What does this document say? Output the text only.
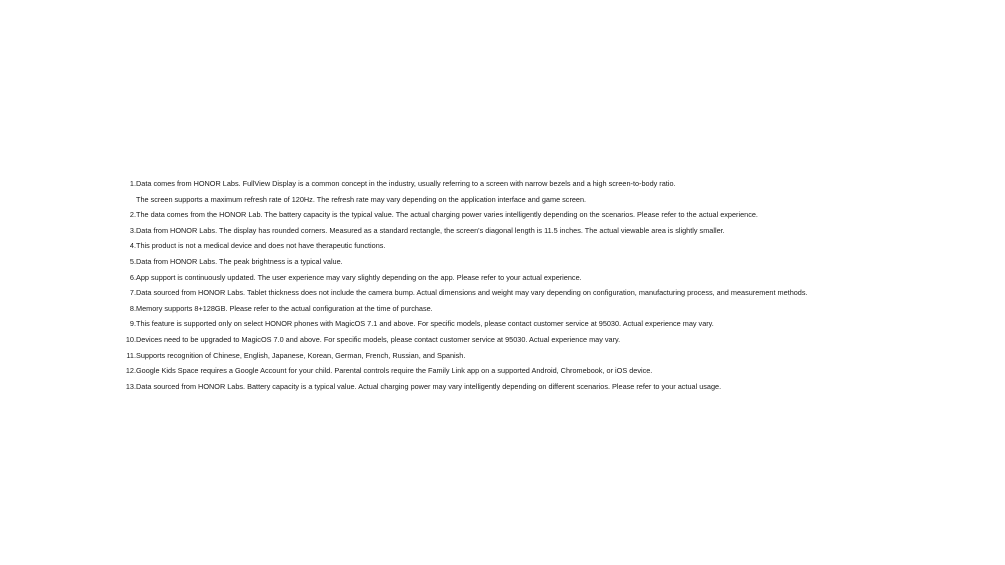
1. Data comes from HONOR Labs. FullView Display is a common concept in the industry, usually referring to a screen with narrow bezels and a high screen-to-body ratio.
The screen supports a maximum refresh rate of 120Hz. The refresh rate may vary depending on the application interface and game screen.
2. The data comes from the HONOR Lab. The battery capacity is the typical value. The actual charging power varies intelligently depending on the scenarios. Please refer to the actual experience.
3. Data from HONOR Labs. The display has rounded corners. Measured as a standard rectangle, the screen's diagonal length is 11.5 inches. The actual viewable area is slightly smaller.
4. This product is not a medical device and does not have therapeutic functions.
5. Data from HONOR Labs. The peak brightness is a typical value.
6. App support is continuously updated. The user experience may vary slightly depending on the app. Please refer to your actual experience.
7. Data sourced from HONOR Labs. Tablet thickness does not include the camera bump. Actual dimensions and weight may vary depending on configuration, manufacturing process, and measurement methods.
8. Memory supports 8+128GB. Please refer to the actual configuration at the time of purchase.
9. This feature is supported only on select HONOR phones with MagicOS 7.1 and above. For specific models, please contact customer service at 95030. Actual experience may vary.
10. Devices need to be upgraded to MagicOS 7.0 and above. For specific models, please contact customer service at 95030. Actual experience may vary.
11. Supports recognition of Chinese, English, Japanese, Korean, German, French, Russian, and Spanish.
12. Google Kids Space requires a Google Account for your child. Parental controls require the Family Link app on a supported Android, Chromebook, or iOS device.
13. Data sourced from HONOR Labs. Battery capacity is a typical value. Actual charging power may vary intelligently depending on different scenarios. Please refer to your actual usage.
